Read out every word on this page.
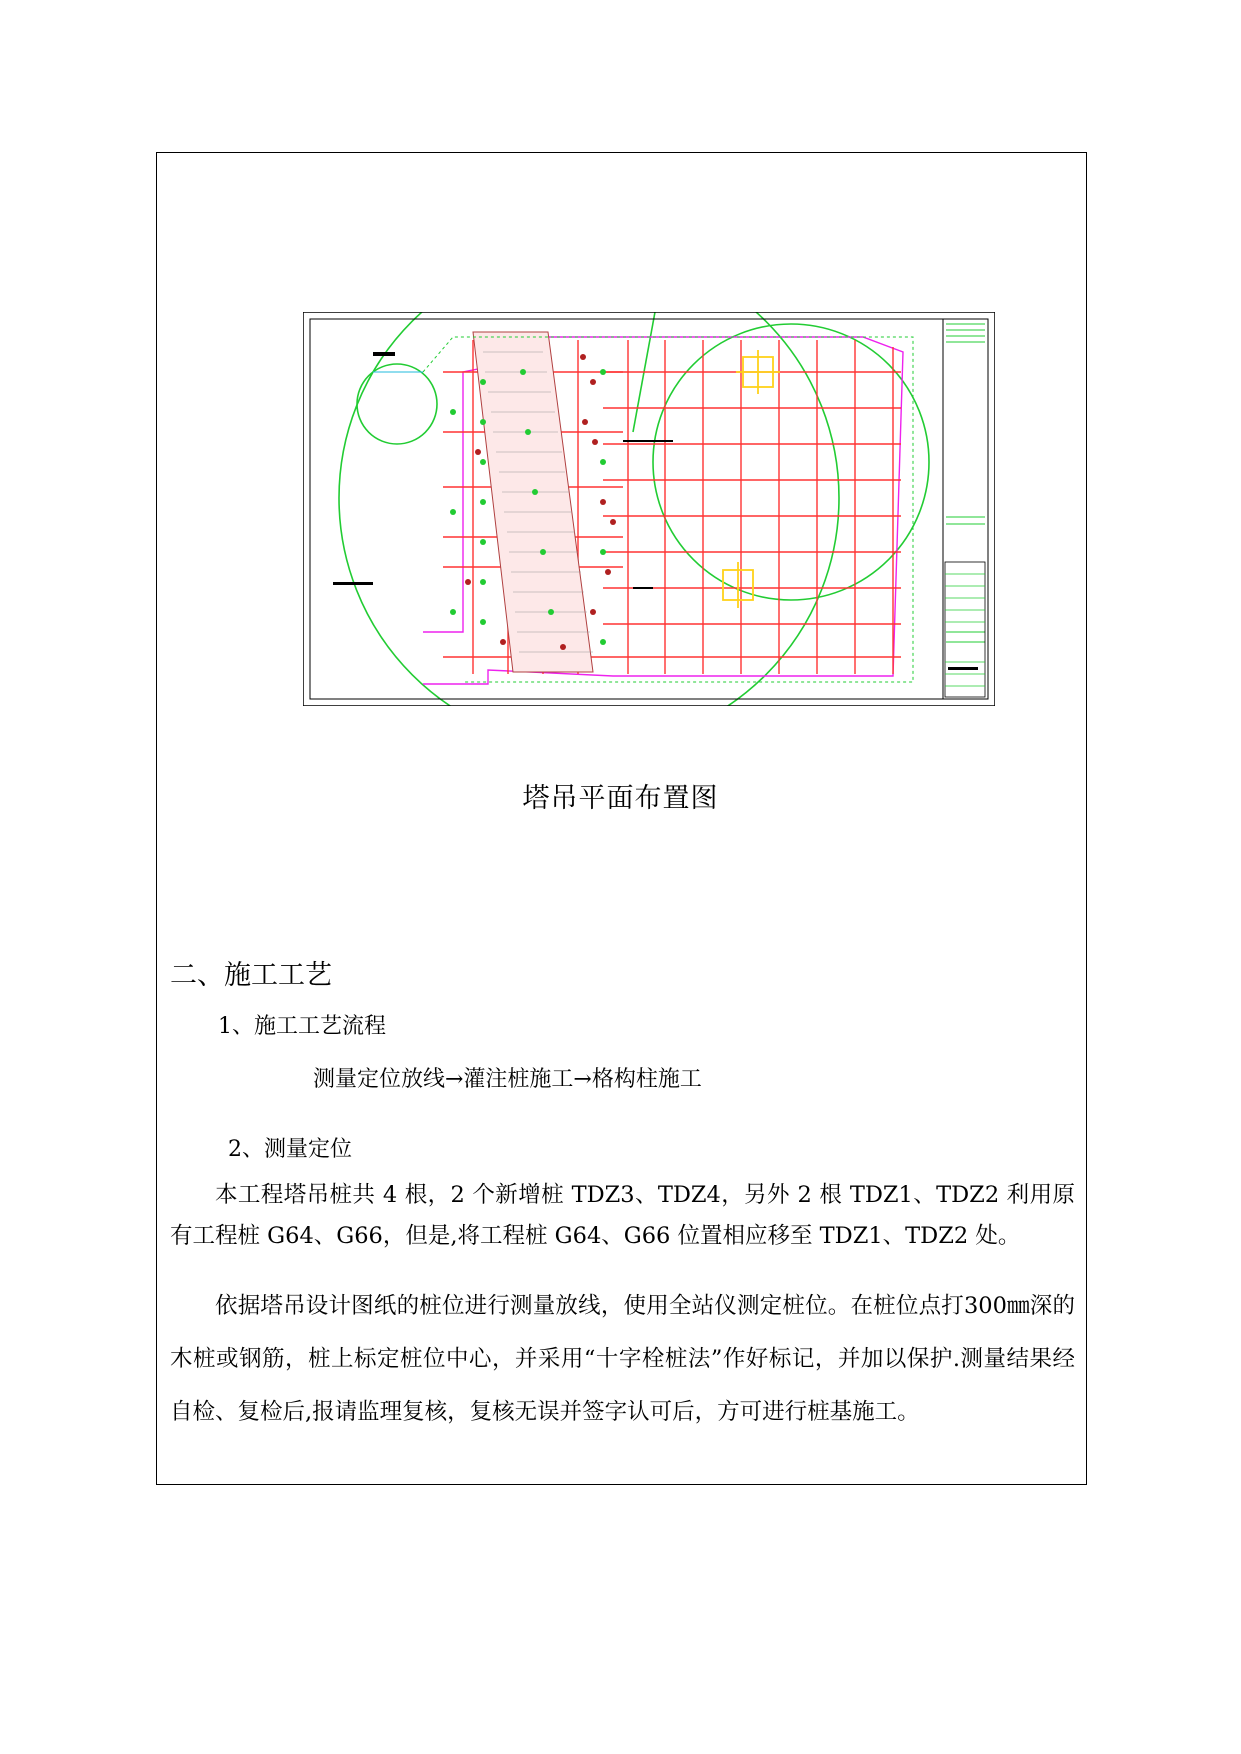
塔吊平面布置图
二、施工工艺
1、施工工艺流程
测量定位放线→灌注桩施工→格构柱施工
2、测量定位
本工程塔吊桩共 4 根，2 个新增桩 TDZ3、TDZ4，另外 2 根 TDZ1、TDZ2 利用原有工程桩 G64、G66，但是,将工程桩 G64、G66 位置相应移至 TDZ1、TDZ2 处。
依据塔吊设计图纸的桩位进行测量放线，使用全站仪测定桩位。在桩位点打300㎜深的木桩或钢筋，桩上标定桩位中心，并采用“十字栓桩法”作好标记，并加以保护.测量结果经自检、复检后,报请监理复核，复核无误并签字认可后，方可进行桩基施工。
